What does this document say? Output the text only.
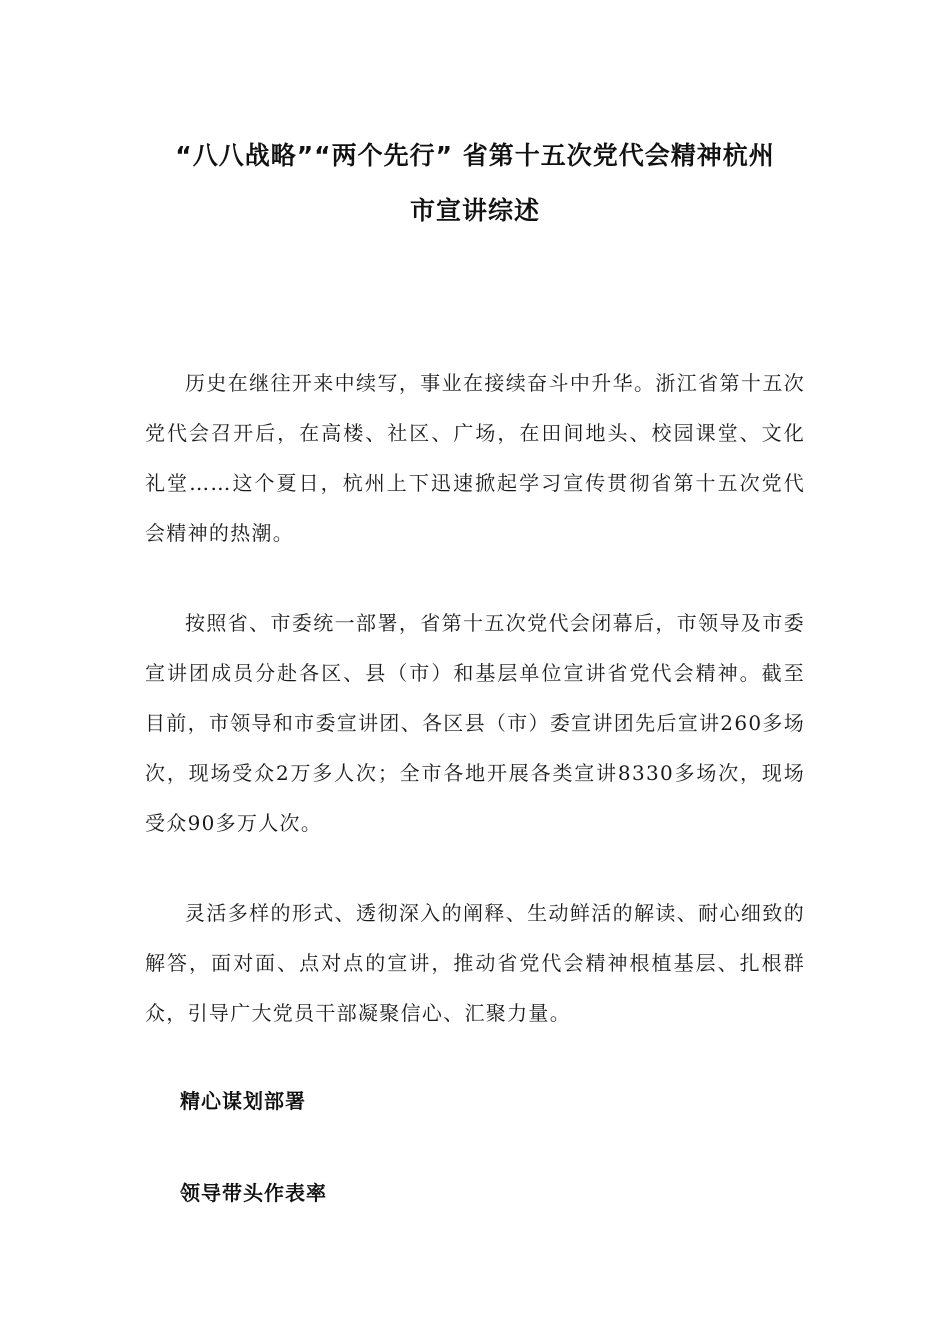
“八八战略”“两个先行” 省第十五次党代会精神杭州
市宣讲综述

历史在继往开来中续写，事业在接续奋斗中升华。浙江省第十五次党代会召开后，在高楼、社区、广场，在田间地头、校园课堂、文化礼堂……这个夏日，杭州上下迅速掀起学习宣传贯彻省第十五次党代会精神的热潮。

按照省、市委统一部署，省第十五次党代会闭幕后，市领导及市委宣讲团成员分赴各区、县（市）和基层单位宣讲省党代会精神。截至目前，市领导和市委宣讲团、各区县（市）委宣讲团先后宣讲260多场次，现场受众2万多人次；全市各地开展各类宣讲8330多场次，现场受众90多万人次。

灵活多样的形式、透彻深入的阐释、生动鲜活的解读、耐心细致的解答，面对面、点对点的宣讲，推动省党代会精神根植基层、扎根群众，引导广大党员干部凝聚信心、汇聚力量。

精心谋划部署
领导带头作表率
